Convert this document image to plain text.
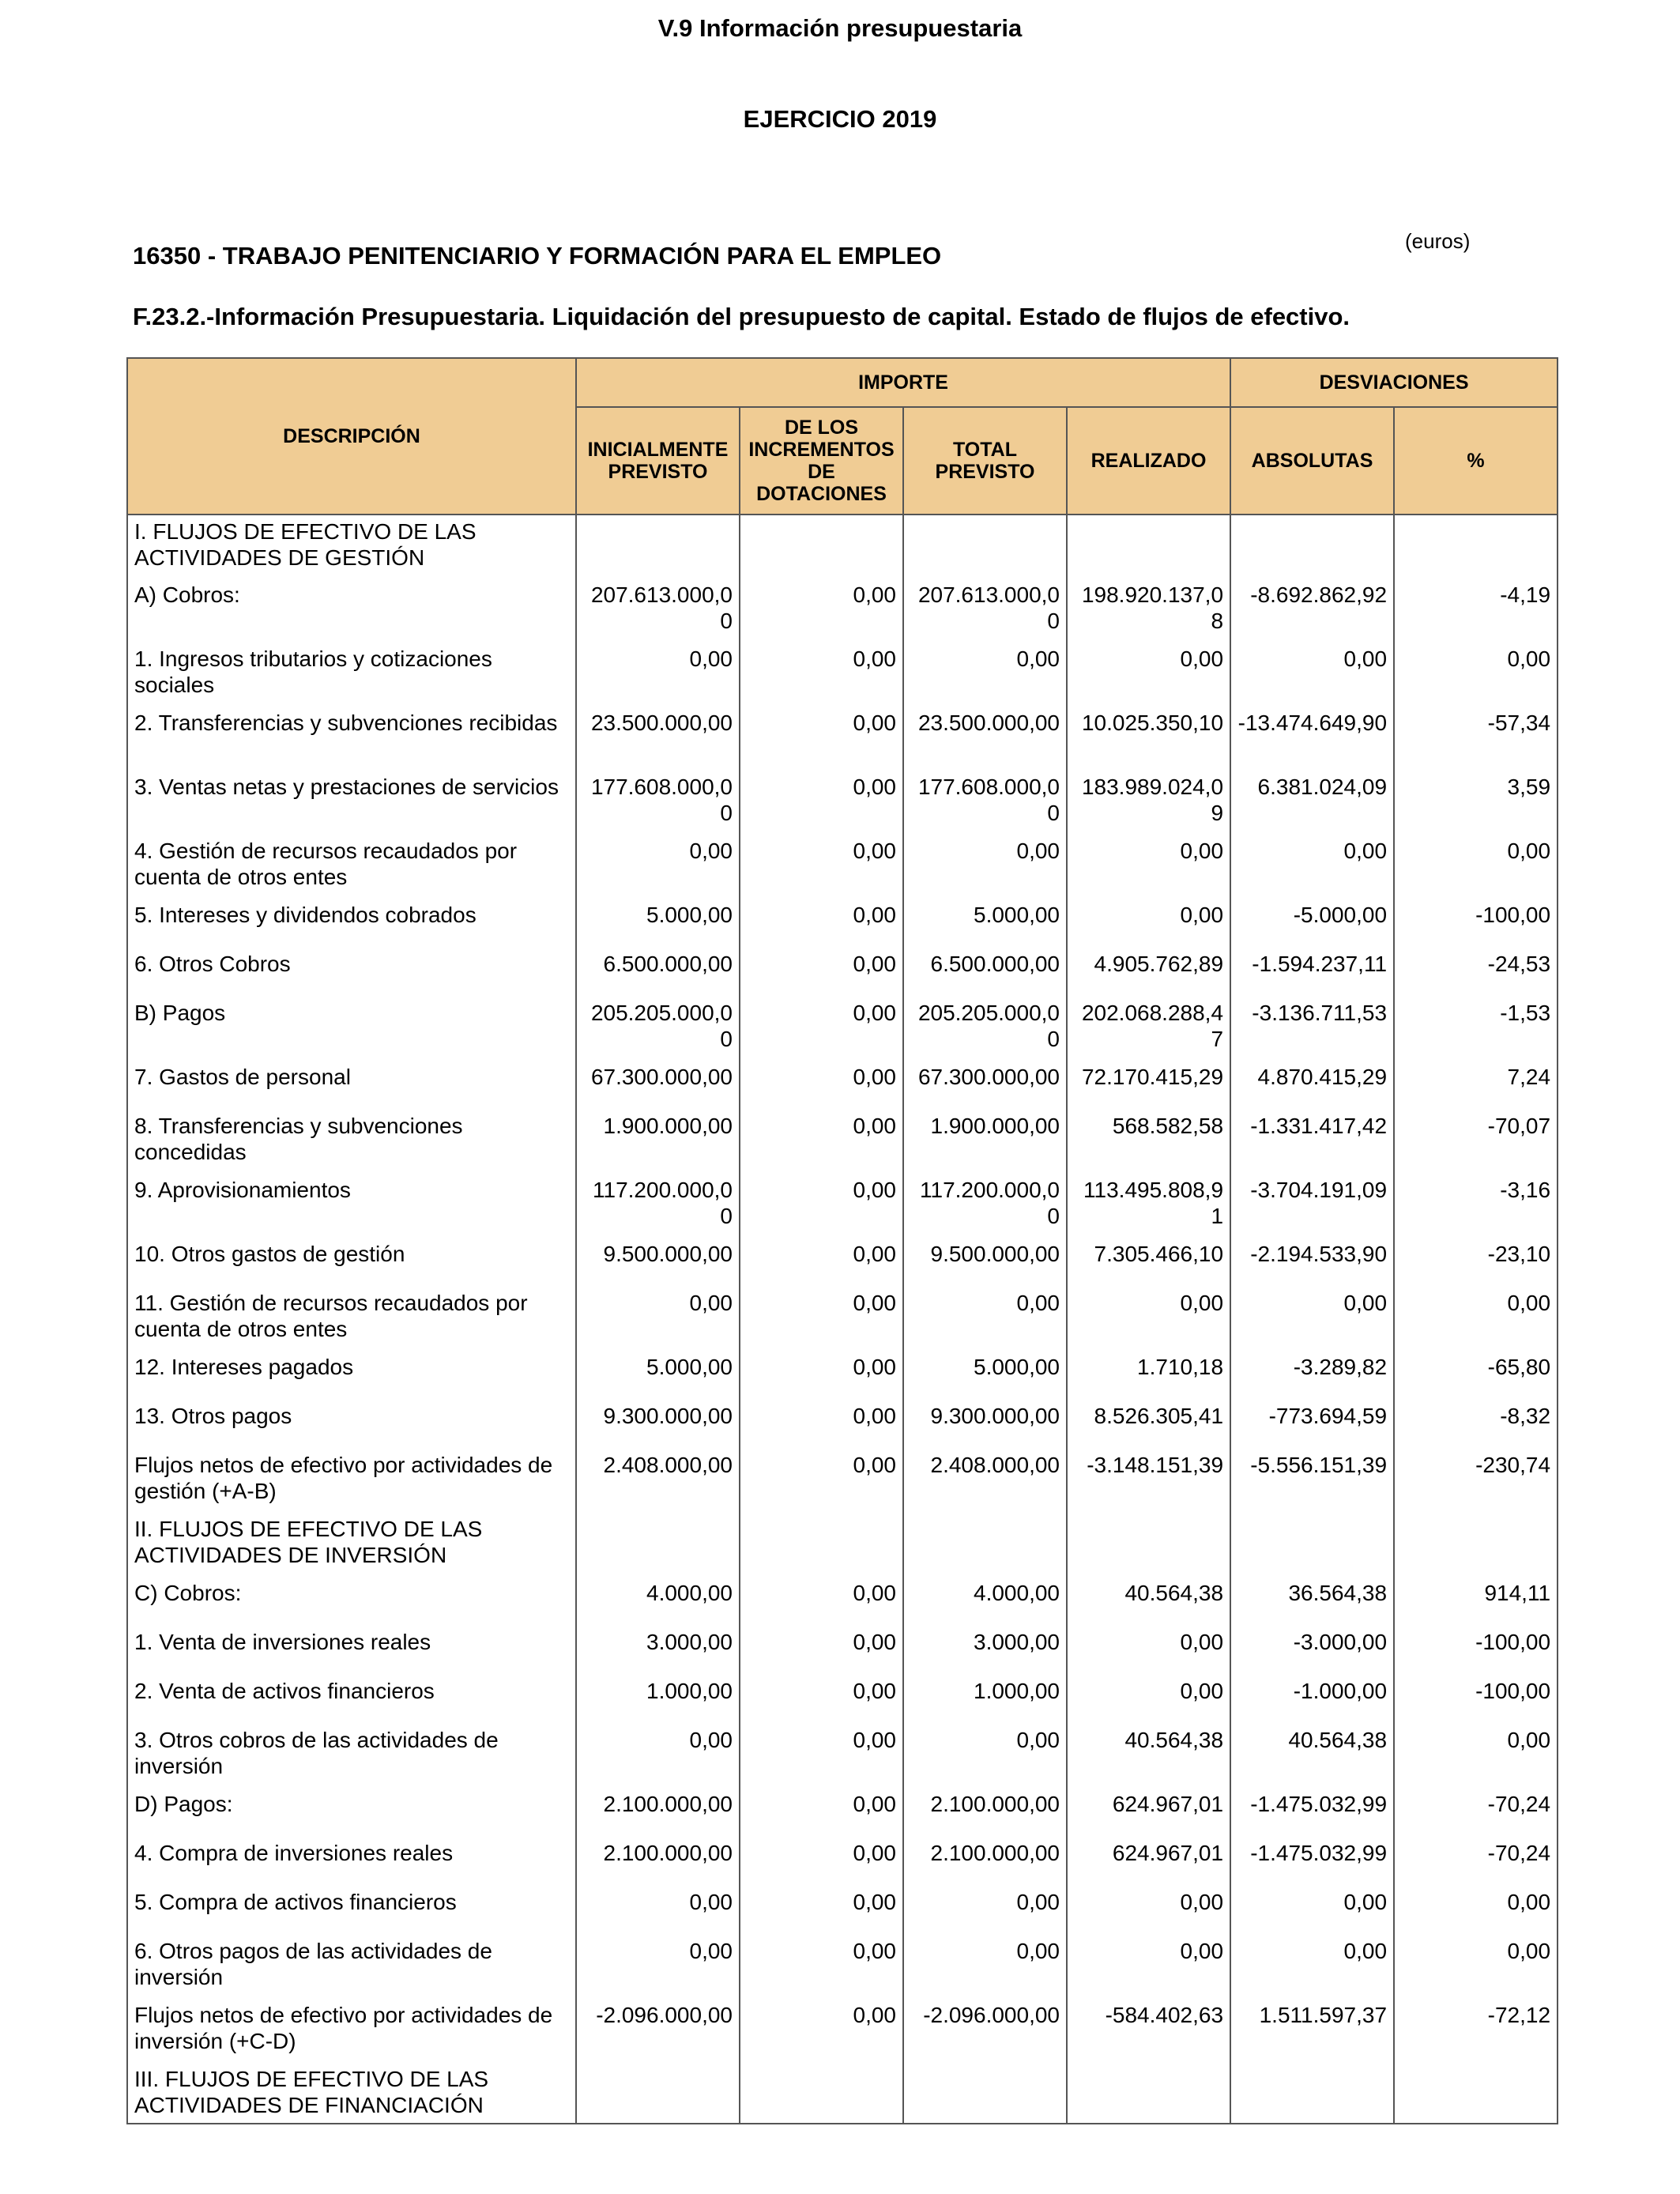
V.9 Información presupuestaria
EJERCICIO 2019
16350 - TRABAJO PENITENCIARIO Y FORMACIÓN PARA EL EMPLEO
(euros)
F.23.2.-Información Presupuestaria. Liquidación del presupuesto de capital. Estado de flujos de efectivo.
DESCRIPCIÓN	IMPORTE				DESVIACIONES	
	INICIALMENTE PREVISTO	DE LOS INCREMENTOS DE DOTACIONES	TOTAL PREVISTO	REALIZADO	ABSOLUTAS	%
I. FLUJOS DE EFECTIVO DE LAS ACTIVIDADES DE GESTIÓN						
A) Cobros:	207.613.000,00	0,00	207.613.000,00	198.920.137,08	-8.692.862,92	-4,19
1. Ingresos tributarios y cotizaciones sociales	0,00	0,00	0,00	0,00	0,00	0,00
2. Transferencias y subvenciones recibidas	23.500.000,00	0,00	23.500.000,00	10.025.350,10	-13.474.649,90	-57,34
3. Ventas netas y prestaciones de servicios	177.608.000,00	0,00	177.608.000,00	183.989.024,09	6.381.024,09	3,59
4. Gestión de recursos recaudados por cuenta de otros entes	0,00	0,00	0,00	0,00	0,00	0,00
5. Intereses y dividendos cobrados	5.000,00	0,00	5.000,00	0,00	-5.000,00	-100,00
6. Otros Cobros	6.500.000,00	0,00	6.500.000,00	4.905.762,89	-1.594.237,11	-24,53
B) Pagos	205.205.000,00	0,00	205.205.000,00	202.068.288,47	-3.136.711,53	-1,53
7. Gastos de personal	67.300.000,00	0,00	67.300.000,00	72.170.415,29	4.870.415,29	7,24
8. Transferencias y subvenciones concedidas	1.900.000,00	0,00	1.900.000,00	568.582,58	-1.331.417,42	-70,07
9. Aprovisionamientos	117.200.000,00	0,00	117.200.000,00	113.495.808,91	-3.704.191,09	-3,16
10. Otros gastos de gestión	9.500.000,00	0,00	9.500.000,00	7.305.466,10	-2.194.533,90	-23,10
11. Gestión de recursos recaudados por cuenta de otros entes	0,00	0,00	0,00	0,00	0,00	0,00
12. Intereses pagados	5.000,00	0,00	5.000,00	1.710,18	-3.289,82	-65,80
13. Otros pagos	9.300.000,00	0,00	9.300.000,00	8.526.305,41	-773.694,59	-8,32
Flujos netos de efectivo por actividades de gestión (+A-B)	2.408.000,00	0,00	2.408.000,00	-3.148.151,39	-5.556.151,39	-230,74
II. FLUJOS DE EFECTIVO DE LAS ACTIVIDADES DE INVERSIÓN						
C) Cobros:	4.000,00	0,00	4.000,00	40.564,38	36.564,38	914,11
1. Venta de inversiones reales	3.000,00	0,00	3.000,00	0,00	-3.000,00	-100,00
2. Venta de activos financieros	1.000,00	0,00	1.000,00	0,00	-1.000,00	-100,00
3. Otros cobros de las actividades de inversión	0,00	0,00	0,00	40.564,38	40.564,38	0,00
D) Pagos:	2.100.000,00	0,00	2.100.000,00	624.967,01	-1.475.032,99	-70,24
4. Compra de inversiones reales	2.100.000,00	0,00	2.100.000,00	624.967,01	-1.475.032,99	-70,24
5. Compra de activos financieros	0,00	0,00	0,00	0,00	0,00	0,00
6. Otros pagos de las actividades de inversión	0,00	0,00	0,00	0,00	0,00	0,00
Flujos netos de efectivo por actividades de inversión (+C-D)	-2.096.000,00	0,00	-2.096.000,00	-584.402,63	1.511.597,37	-72,12
III. FLUJOS DE EFECTIVO DE LAS ACTIVIDADES DE FINANCIACIÓN						
